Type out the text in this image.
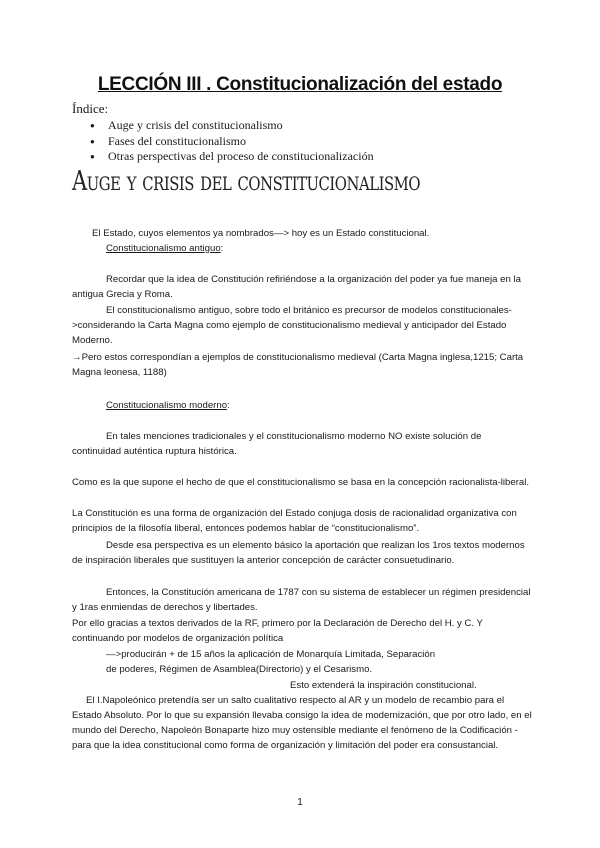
LECCIÓN III . Constitucionalización del estado
Índice:
● Auge y crisis del constitucionalismo
● Fases del constitucionalismo
● Otras perspectivas del proceso de constitucionalización
Auge y crisis del constitucionalismo

El Estado, cuyos elementos ya nombrados—> hoy es un Estado constitucional.

Constitucionalismo antiguo:

Recordar que la idea de Constitución refiriéndose a la organización del poder ya fue maneja en la antigua Grecia y Roma.

El constitucionalismo antiguo, sobre todo el británico es precursor de modelos constitucionales->considerando la Carta Magna como ejemplo de constitucionalismo medieval y anticipador del Estado Moderno.

→Pero estos correspondían a ejemplos de constitucionalismo medieval (Carta Magna inglesa,1215; Carta Magna leonesa, 1188)

Constitucionalismo moderno:

En tales menciones tradicionales y el constitucionalismo moderno NO existe solución de continuidad auténtica ruptura histórica.

Como es la que supone el hecho de que el constitucionalismo se basa en la concepción racionalista-liberal.

La Constitución es una forma de organización del Estado conjuga dosis de racionalidad organizativa con principios de la filosofía liberal, entonces podemos hablar de “constitucionalismo”.

Desde esa perspectiva es un elemento básico la aportación que realizan los 1ros textos modernos de inspiración liberales que sustituyen la anterior concepción de carácter consuetudinario.

Entonces, la Constitución americana de 1787 con su sistema de establecer un régimen presidencial y 1ras enmiendas de derechos y libertades.

Por ello gracias a textos derivados de la RF, primero por la Declaración de Derecho del H. y C. Y continuando por modelos de organización política

—>producirán + de 15 años la aplicación de Monarquía Limitada, Separación de poderes, Régimen de Asamblea(Directorio) y el Cesarismo.

Esto extenderá la inspiración constitucional.

El I.Napoleónico pretendía ser un salto cualitativo respecto al AR y un modelo de recambio para el Estado Absoluto. Por lo que su expansión llevaba consigo la idea de modernización, que por otro lado, en el mundo del Derecho, Napoleón Bonaparte hizo muy ostensible mediante el fenómeno de la Codificación - para que la idea constitucional como forma de organización y limitación del poder era consustancial.

1
